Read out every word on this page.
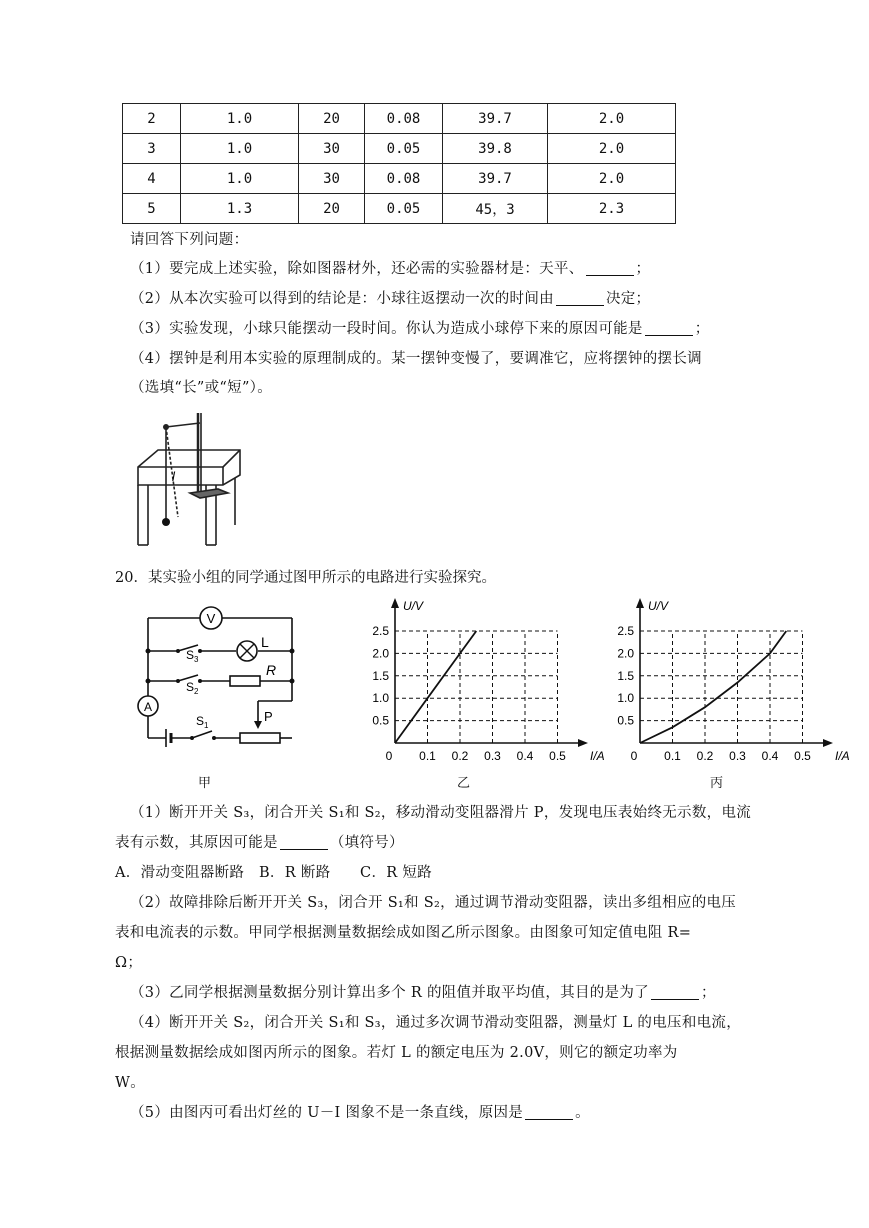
2	1.0	20	0.08	39.7	2.0
3	1.0	30	0.05	39.8	2.0
4	1.0	30	0.08	39.7	2.0
5	1.3	20	0.05	45，3	2.3
请回答下列问题：
（1）要完成上述实验，除如图器材外，还必需的实验器材是：天平、	；
（2）从本次实验可以得到的结论是：小球往返摆动一次的时间由	决定；
（3）实验发现，小球只能摆动一段时间。你认为造成小球停下来的原因可能是	；
（4）摆钟是利用本实验的原理制成的。某一摆钟变慢了，要调准它，应将摆钟的摆长调
（选填“长”或“短”）。
l
20．某实验小组的同学通过图甲所示的电路进行实验探究。
V
A
L
R
$S_3$
$S_2$
$S_1$
P
甲
U/V
I/A
0 0.1 0.2 0.3 0.4 0.5
0.5
1.0
1.5
2.0
2.5
乙
U/V
I/A
0 0.1 0.2 0.3 0.4 0.5
0.5
1.0
1.5
2.0
2.5
丙
（1）断开开关 S₃，闭合开关 S₁和 S₂，移动滑动变阻器滑片 P，发现电压表始终无示数，电流
表有示数，其原因可能是	（填符号）
A．滑动变阻器断路　B．R 断路　　C．R 短路
（2）故障排除后断开开关 S₃，闭合开 S₁和 S₂，通过调节滑动变阻器，读出多组相应的电压
表和电流表的示数。甲同学根据测量数据绘成如图乙所示图象。由图象可知定值电阻 R=
Ω；
（3）乙同学根据测量数据分别计算出多个 R 的阻值并取平均值，其目的是为了	；
（4）断开开关 S₂，闭合开关 S₁和 S₃，通过多次调节滑动变阻器，测量灯 L 的电压和电流，
根据测量数据绘成如图丙所示的图象。若灯 L 的额定电压为 2.0V，则它的额定功率为
W。
（5）由图丙可看出灯丝的 U－I 图象不是一条直线，原因是	。
